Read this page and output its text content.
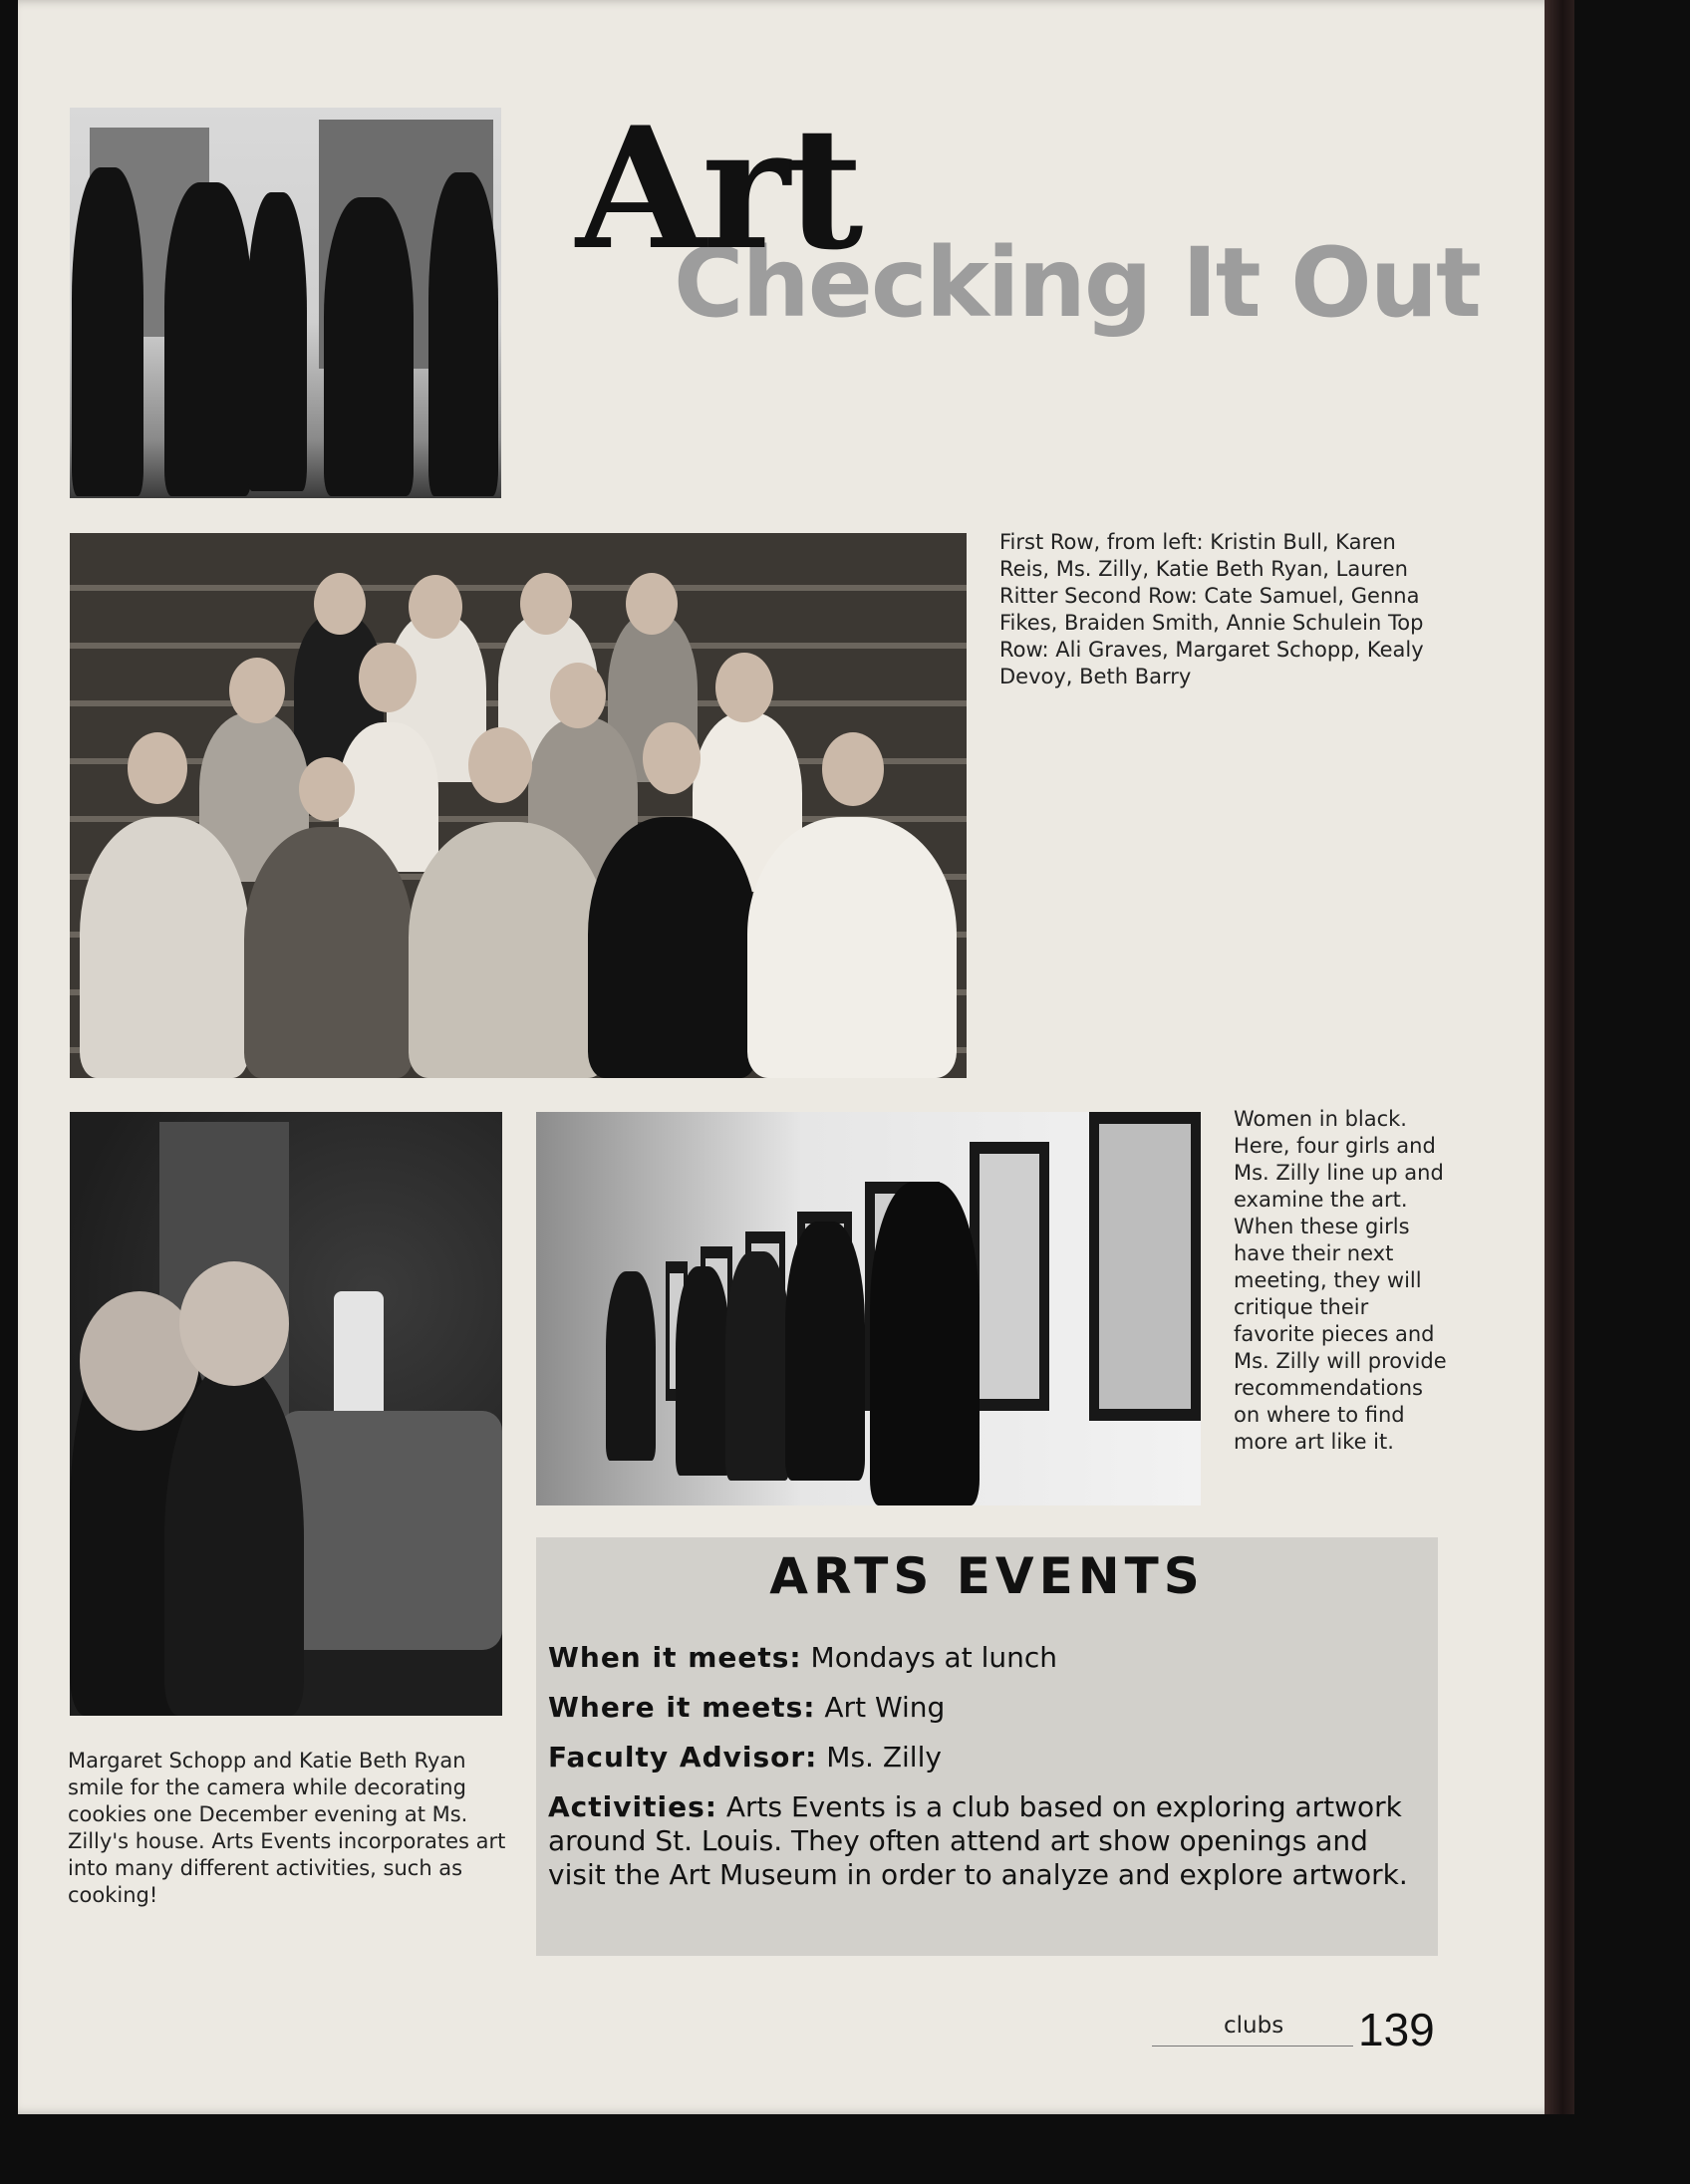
Checking It Out
Art
First Row, from left: Kristin Bull, Karen Reis, Ms. Zilly, Katie Beth Ryan, Lauren Ritter Second Row: Cate Samuel, Genna Fikes, Braiden Smith, Annie Schulein Top Row: Ali Graves, Margaret Schopp, Kealy Devoy, Beth Barry
Margaret Schopp and Katie Beth Ryan smile for the camera while decorating cookies one December evening at Ms. Zilly's house. Arts Events incorporates art into many different activities, such as cooking!
Women in black. Here, four girls and Ms. Zilly line up and examine the art. When these girls have their next meeting, they will critique their favorite pieces and Ms. Zilly will provide recommendations on where to find more art like it.
ARTS EVENTS
When it meets: Mondays at lunch
Where it meets: Art Wing
Faculty Advisor: Ms. Zilly
Activities: Arts Events is a club based on exploring artwork around St. Louis. They often attend art show openings and visit the Art Museum in order to analyze and explore artwork.
clubs 139
